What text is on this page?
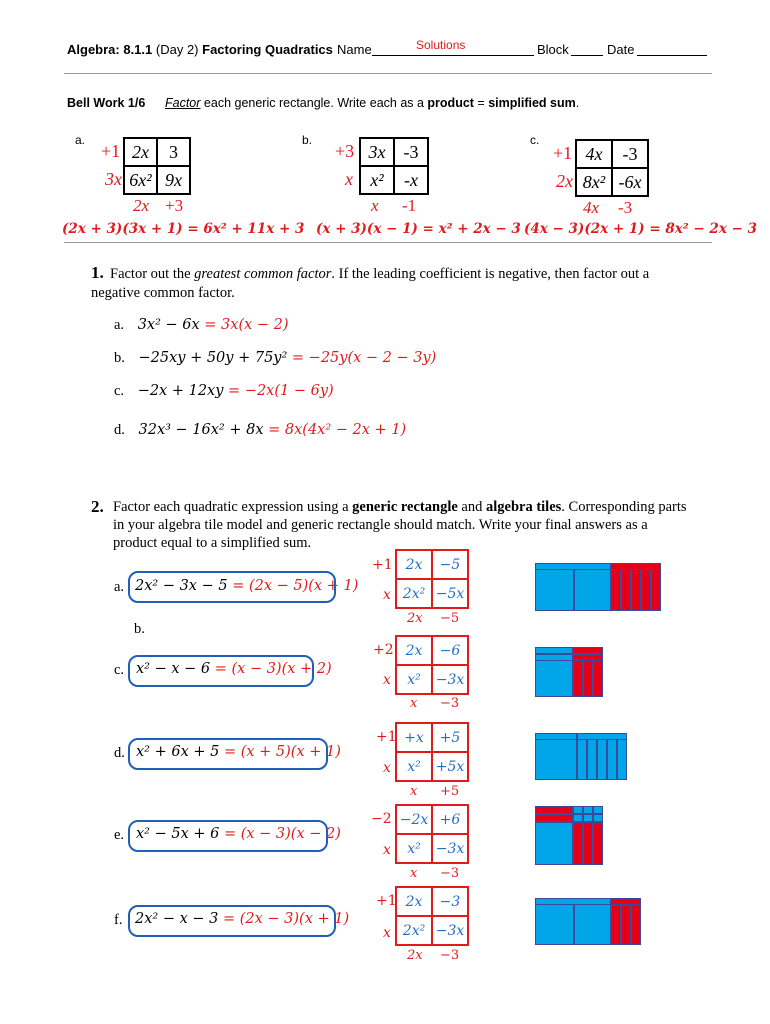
Algebra: 8.1.1 (Day 2) Factoring Quadratics Name	Solutions	Block	Date
Bell Work 1/6 Factor each generic rectangle. Write each as a product = simplified sum.
a.
+1
3x
2x	3
6x² 9x
2x +3
(2x + 3)(3x + 1) = 6x² + 11x + 3
b.
+3
x
3x	-3
x²	-x
x -1
(x + 3)(x − 1) = x² + 2x − 3
c.
+1
2x
4x	-3
8x² -6x
4x -3
(4x − 3)(2x + 1) = 8x² − 2x − 3
1. Factor out the greatest common factor. If the leading coefficient is negative, then factor out a
negative common factor.
a. 3x² − 6x = 3x(x − 2)
b. −25xy + 50y + 75y² = −25y(x − 2 − 3y)
c. −2x + 12xy = −2x(1 − 6y)
d. 32x³ − 16x² + 8x = 8x(4x² − 2x + 1)
2. Factor each quadratic expression using a generic rectangle and algebra tiles. Corresponding parts
in your algebra tile model and generic rectangle should match. Write your final answers as a
product equal to a simplified sum.
a. 2x² − 3x − 5 = (2x − 5)(x + 1)
b.
+1
x
2x	−5
2x² −5x
2x −5
c. x² − x − 6 = (x − 3)(x + 2)
+2
x
2x	−6
x²	−3x
x −3
d. x² + 6x + 5 = (x + 5)(x + 1)
+1
x
+x	+5
x²	+5x
x +5
e. x² − 5x + 6 = (x − 3)(x − 2)
−2
x
−2x +6
x²	−3x
x −3
f. 2x² − x − 3 = (2x − 3)(x + 1)
+1
x
2x	−3
2x² −3x
2x −3
